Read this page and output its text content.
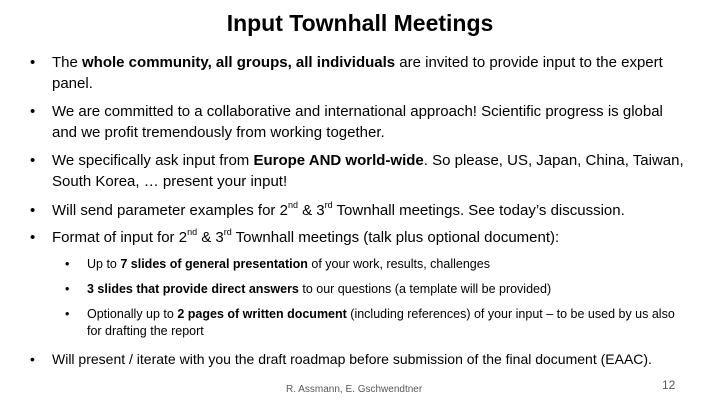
Input Townhall Meetings
• The whole community, all groups, all individuals are invited to provide input to the expert panel.
• We are committed to a collaborative and international approach! Scientific progress is global and we profit tremendously from working together.
• We specifically ask input from Europe AND world-wide. So please, US, Japan, China, Taiwan, South Korea, … present your input!
• Will send parameter examples for 2nd & 3rd Townhall meetings. See today’s discussion.
• Format of input for 2nd & 3rd Townhall meetings (talk plus optional document):
• Up to 7 slides of general presentation of your work, results, challenges
• 3 slides that provide direct answers to our questions (a template will be provided)
• Optionally up to 2 pages of written document (including references) of your input – to be used by us also for drafting the report
• Will present / iterate with you the draft roadmap before submission of the final document (EAAC).
R. Assmann, E. Gschwendtner	12
